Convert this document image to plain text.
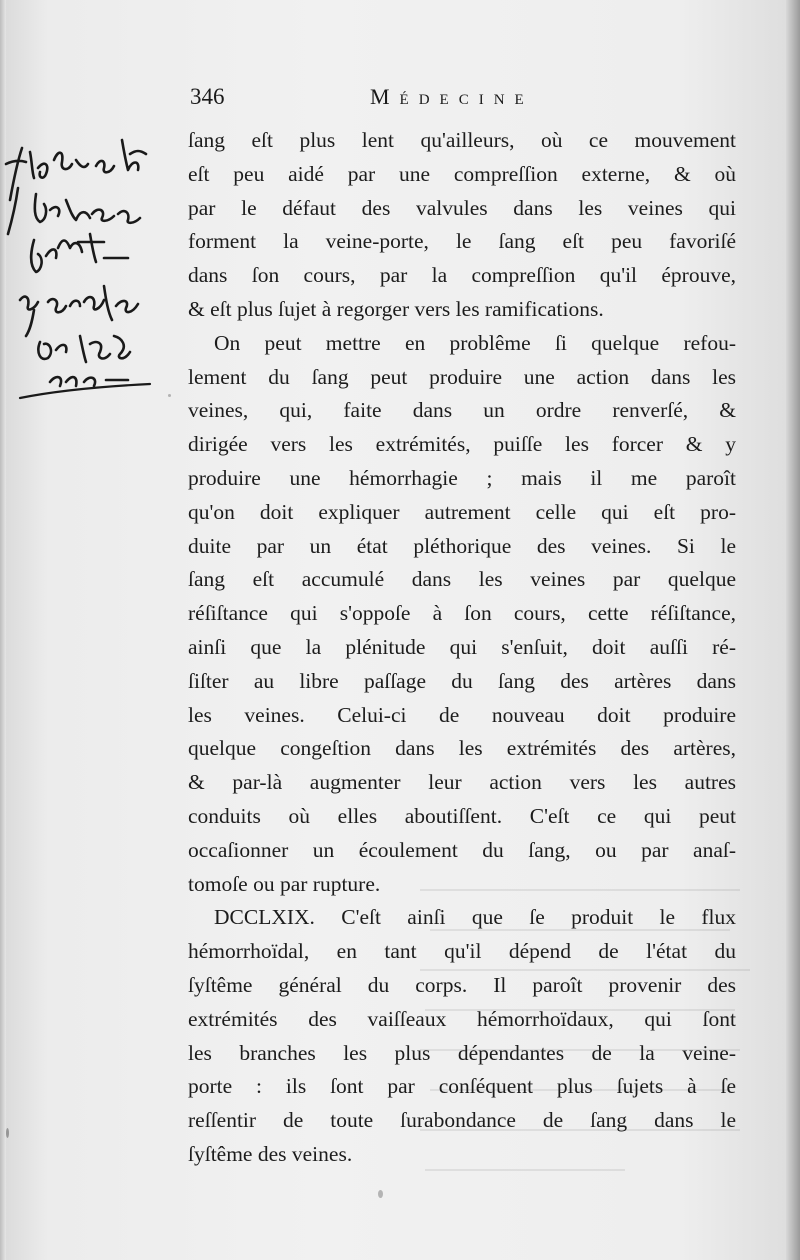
346	Médecine
ſang eſt plus lent qu'ailleurs, où ce mouvement
eſt peu aidé par une compreſſion externe, & où
par le défaut des valvules dans les veines qui
forment la veine-porte, le ſang eſt peu favoriſé
dans ſon cours, par la compreſſion qu'il éprouve,
& eſt plus ſujet à regorger vers les ramifications.
On peut mettre en problême ſi quelque refou-
lement du ſang peut produire une action dans les
veines, qui, faite dans un ordre renverſé, &
dirigée vers les extrémités, puiſſe les forcer & y
produire une hémorrhagie ; mais il me paroît
qu'on doit expliquer autrement celle qui eſt pro-
duite par un état pléthorique des veines. Si le
ſang eſt accumulé dans les veines par quelque
réſiſtance qui s'oppoſe à ſon cours, cette réſiſtance,
ainſi que la plénitude qui s'enſuit, doit auſſi ré-
ſiſter au libre paſſage du ſang des artères dans
les veines. Celui-ci de nouveau doit produire
quelque congeſtion dans les extrémités des artères,
& par-là augmenter leur action vers les autres
conduits où elles aboutiſſent. C'eſt ce qui peut
occaſionner un écoulement du ſang, ou par anaſ-
tomoſe ou par rupture.
DCCLXIX. C'eſt ainſi que ſe produit le flux
hémorrhoïdal, en tant qu'il dépend de l'état du
ſyſtême général du corps. Il paroît provenir des
extrémités des vaiſſeaux hémorrhoïdaux, qui ſont
les branches les plus dépendantes de la veine-
porte : ils ſont par conſéquent plus ſujets à ſe
reſſentir de toute ſurabondance de ſang dans le
ſyſtême des veines.
